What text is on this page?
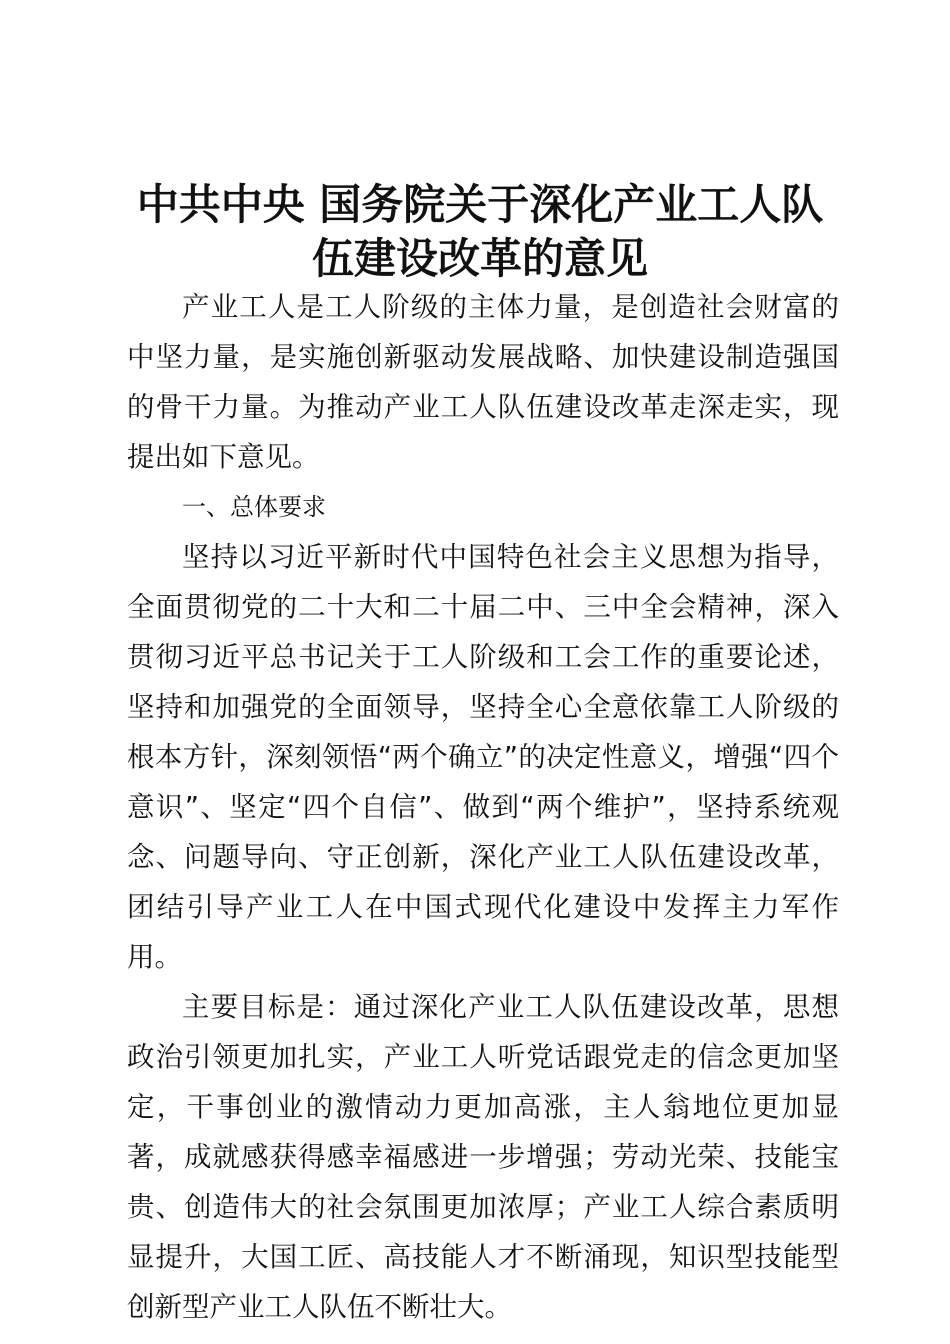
中共中央 国务院关于深化产业工人队
伍建设改革的意见

产业工人是工人阶级的主体力量，是创造社会财富的中坚力量，是实施创新驱动发展战略、加快建设制造强国的骨干力量。为推动产业工人队伍建设改革走深走实，现提出如下意见。

一、总体要求

坚持以习近平新时代中国特色社会主义思想为指导，全面贯彻党的二十大和二十届二中、三中全会精神，深入贯彻习近平总书记关于工人阶级和工会工作的重要论述，坚持和加强党的全面领导，坚持全心全意依靠工人阶级的根本方针，深刻领悟“两个确立”的决定性意义，增强“四个意识”、坚定“四个自信”、做到“两个维护”，坚持系统观念、问题导向、守正创新，深化产业工人队伍建设改革，团结引导产业工人在中国式现代化建设中发挥主力军作用。

主要目标是：通过深化产业工人队伍建设改革，思想政治引领更加扎实，产业工人听党话跟党走的信念更加坚定，干事创业的激情动力更加高涨，主人翁地位更加显著，成就感获得感幸福感进一步增强；劳动光荣、技能宝贵、创造伟大的社会氛围更加浓厚；产业工人综合素质明显提升，大国工匠、高技能人才不断涌现，知识型技能型创新型产业工人队伍不断壮大。
